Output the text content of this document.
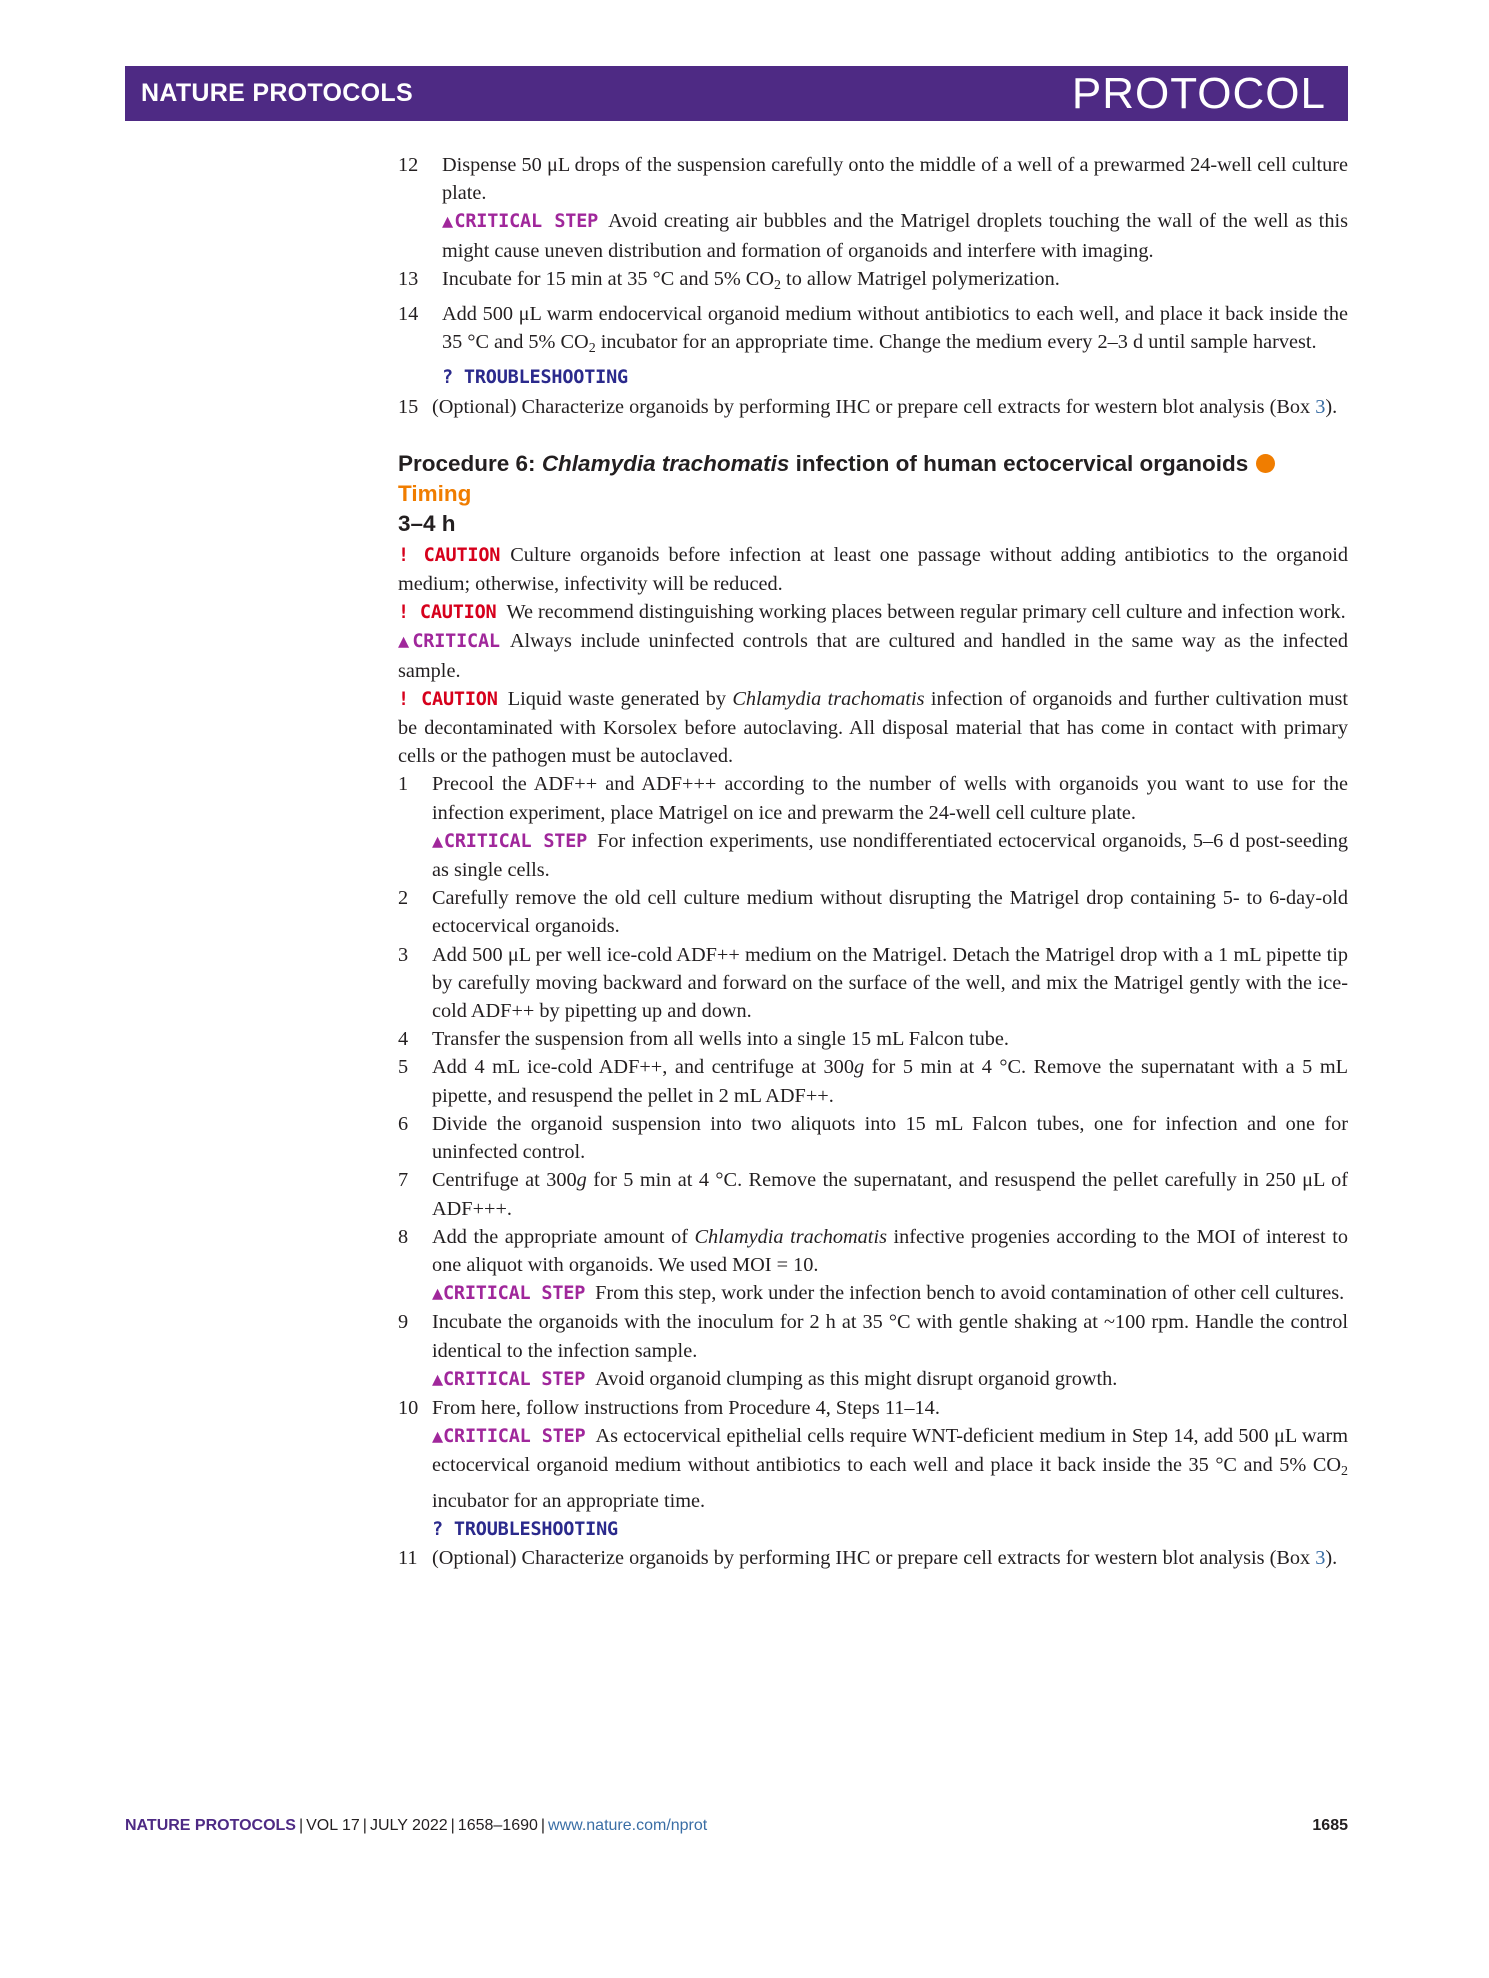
NATURE PROTOCOLS	PROTOCOL
12 Dispense 50 μL drops of the suspension carefully onto the middle of a well of a prewarmed 24-well cell culture plate.

▲CRITICAL STEP Avoid creating air bubbles and the Matrigel droplets touching the wall of the well as this might cause uneven distribution and formation of organoids and interfere with imaging.

13 Incubate for 15 min at 35 °C and 5% $CO_2$ to allow Matrigel polymerization.

14 Add 500 μL warm endocervical organoid medium without antibiotics to each well, and place it back inside the 35 °C and 5% $CO_2$ incubator for an appropriate time. Change the medium every 2–3 d until sample harvest.

? TROUBLESHOOTING

15 (Optional) Characterize organoids by performing IHC or prepare cell extracts for western blot analysis (Box 3).

Procedure 6: Chlamydia trachomatis infection of human ectocervical organoidsTiming
3–4 h

! CAUTION Culture organoids before infection at least one passage without adding antibiotics to the organoid medium; otherwise, infectivity will be reduced.

! CAUTION We recommend distinguishing working places between regular primary cell culture and infection work.

▲CRITICAL Always include uninfected controls that are cultured and handled in the same way as the infected sample.

! CAUTION Liquid waste generated by Chlamydia trachomatis infection of organoids and further cultivation must be decontaminated with Korsolex before autoclaving. All disposal material that has come in contact with primary cells or the pathogen must be autoclaved.

1	Precool the ADF++ and ADF+++ according to the number of wells with organoids you want to use for the infection experiment, place Matrigel on ice and prewarm the 24-well cell culture plate.

▲CRITICAL STEP For infection experiments, use nondifferentiated ectocervical organoids, 5–6 d post-seeding as single cells.

2	Carefully remove the old cell culture medium without disrupting the Matrigel drop containing 5- to 6-day-old ectocervical organoids.

3	Add 500 μL per well ice-cold ADF++ medium on the Matrigel. Detach the Matrigel drop with a 1 mL pipette tip by carefully moving backward and forward on the surface of the well, and mix the Matrigel gently with the ice-cold ADF++ by pipetting up and down.

4	Transfer the suspension from all wells into a single 15 mL Falcon tube.

5	Add 4 mL ice-cold ADF++, and centrifuge at 300g for 5 min at 4 °C. Remove the supernatant with a 5 mL pipette, and resuspend the pellet in 2 mL ADF++.

6	Divide the organoid suspension into two aliquots into 15 mL Falcon tubes, one for infection and one for uninfected control.

7	Centrifuge at 300g for 5 min at 4 °C. Remove the supernatant, and resuspend the pellet carefully in 250 μL of ADF+++.

8	Add the appropriate amount of Chlamydia trachomatis infective progenies according to the MOI of interest to one aliquot with organoids. We used MOI = 10.

▲CRITICAL STEP From this step, work under the infection bench to avoid contamination of other cell cultures.

9	Incubate the organoids with the inoculum for 2 h at 35 °C with gentle shaking at ~100 rpm. Handle the control identical to the infection sample.

▲CRITICAL STEP Avoid organoid clumping as this might disrupt organoid growth.

10 From here, follow instructions from Procedure 4, Steps 11–14.

▲CRITICAL STEP As ectocervical epithelial cells require WNT-deficient medium in Step 14, add 500 μL warm ectocervical organoid medium without antibiotics to each well and place it back inside the 35 °C and 5% $CO_2$ incubator for an appropriate time.

? TROUBLESHOOTING

11 (Optional) Characterize organoids by performing IHC or prepare cell extracts for western blot analysis (Box 3).

NATURE PROTOCOLS | VOL 17 | JULY 2022 | 1658–1690 | www.nature.com/nprot	1685
